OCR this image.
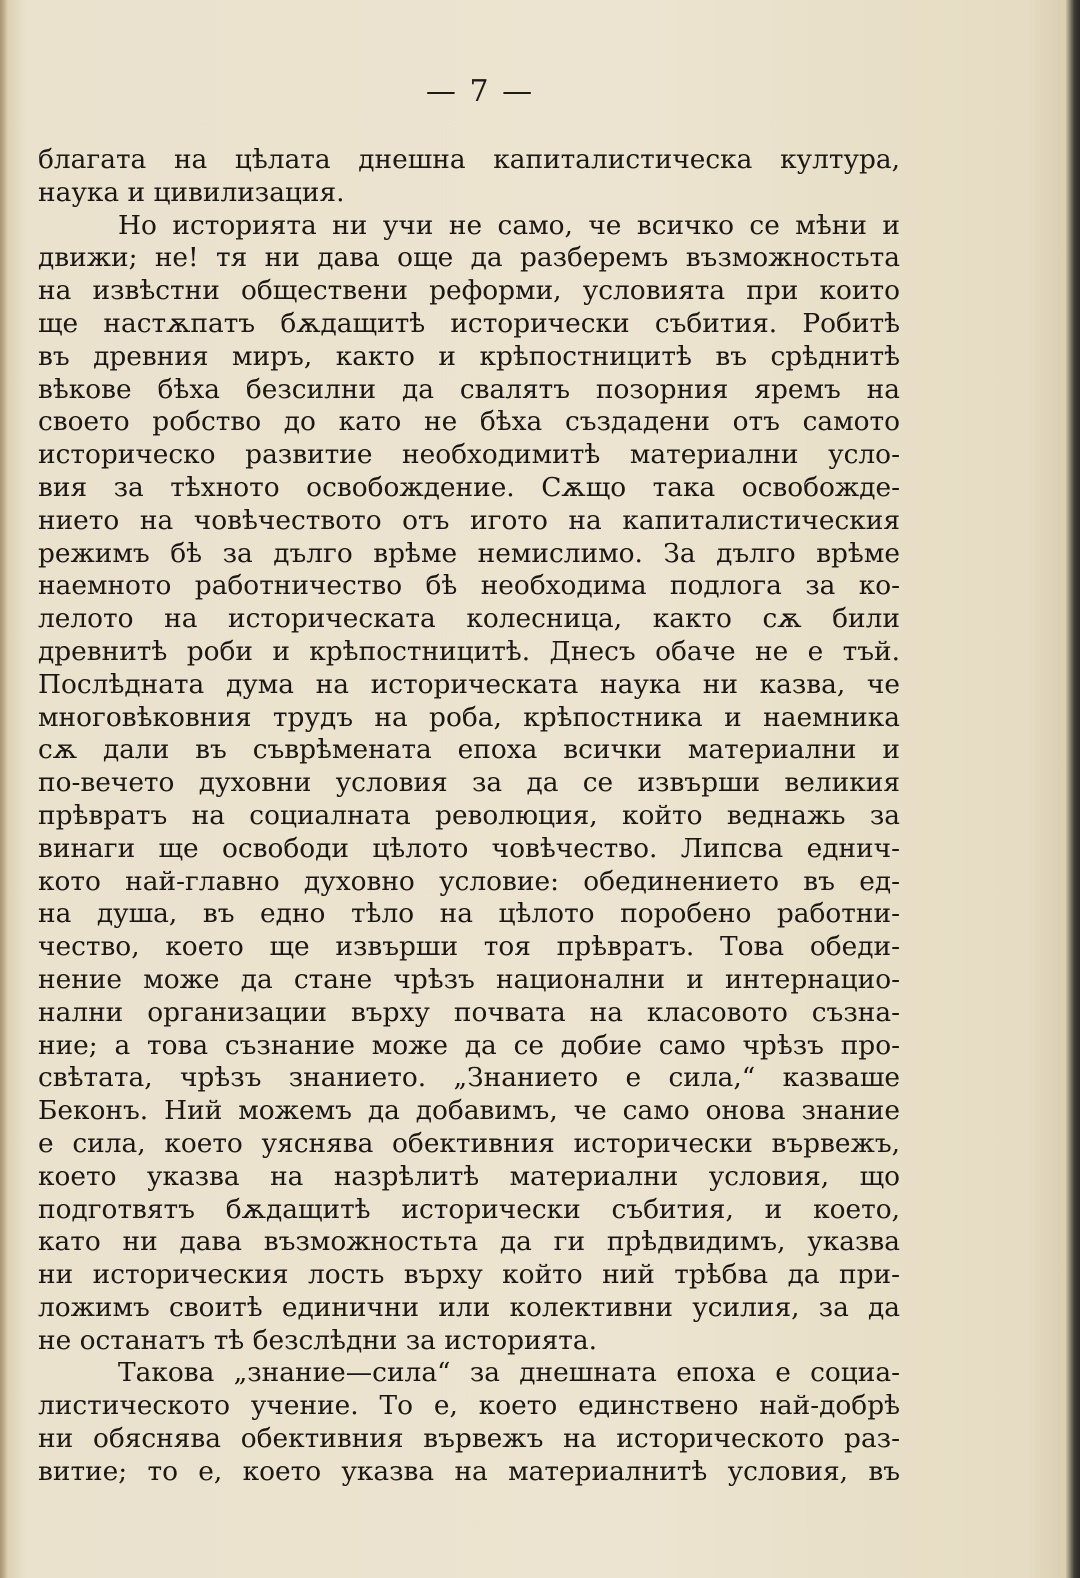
— 7 —
благата на цѣлата днешна капиталистическа култура,
наука и цивилизация.
Но историята ни учи не само, че всичко се мѣни и
движи; не! тя ни дава още да разберемъ възможностьта
на извѣстни обществени реформи, условията при които
ще настѫпатъ бѫдащитѣ исторически събития. Робитѣ
въ древния миръ, както и крѣпостницитѣ въ срѣднитѣ
вѣкове бѣха безсилни да свалятъ позорния яремъ на
своето робство до като не бѣха създадени отъ самото
историческо развитие необходимитѣ материални усло-
вия за тѣхното освобождение. Сѫщо така освобожде-
нието на човѣчеството отъ игото на капиталистическия
режимъ бѣ за дълго врѣме немислимо. За дълго врѣме
наемното работничество бѣ необходима подлога за ко-
лелото на историческата колесница, както сѫ били
древнитѣ роби и крѣпостницитѣ. Днесъ обаче не е тъй.
Послѣдната дума на историческата наука ни казва, че
многовѣковния трудъ на роба, крѣпостника и наемника
сѫ дали въ съврѣмената епоха всички материални и
по-вечето духовни условия за да се извърши великия
прѣвратъ на социалната революция, който веднажь за
винаги ще освободи цѣлото човѣчество. Липсва еднич-
кото най-главно духовно условие: обединението въ ед-
на душа, въ едно тѣло на цѣлото поробено работни-
чество, което ще извърши тоя прѣвратъ. Това обеди-
нение може да стане чрѣзъ национални и интернацио-
нални организации върху почвата на класовото съзна-
ние; а това съзнание може да се добие само чрѣзъ про-
свѣтата, чрѣзъ знанието. „Знанието е сила,“ казваше
Беконъ. Ний можемъ да добавимъ, че само онова знание
е сила, което уяснява обективния исторически вървежъ,
което указва на назрѣлитѣ материални условия, що
подготвятъ бѫдащитѣ исторически събития, и което,
като ни дава възможностьта да ги прѣдвидимъ, указва
ни историческия лость върху който ний трѣбва да при-
ложимъ своитѣ единични или колективни усилия, за да
не останатъ тѣ безслѣдни за историята.
Такова „знание—сила“ за днешната епоха е социа-
листическото учение. То е, което единствено най-добрѣ
ни обяснява обективния вървежъ на историческото раз-
витие; то е, което указва на материалнитѣ условия, въ
